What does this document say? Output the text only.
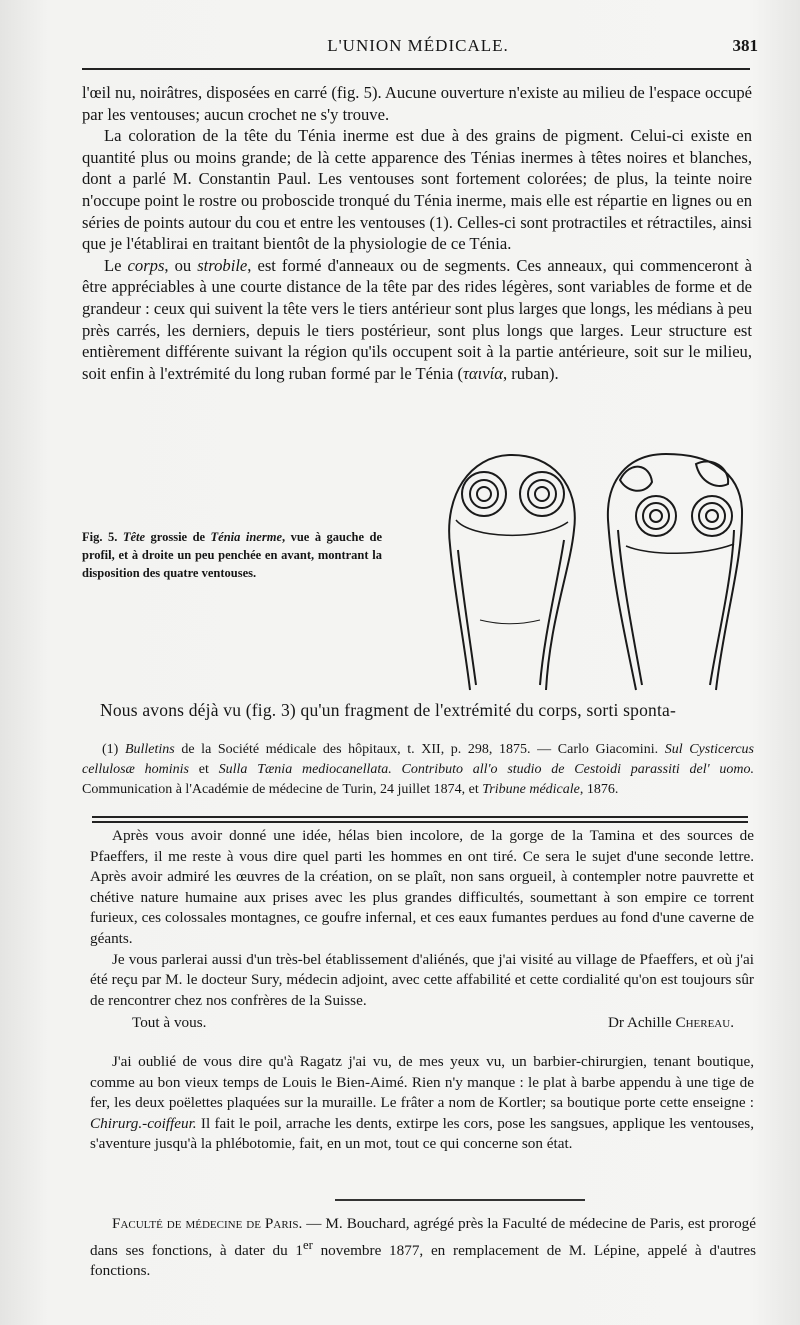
L'UNION MÉDICALE.	381

l'œil nu, noirâtres, disposées en carré (fig. 5). Aucune ouverture n'existe au milieu de l'espace occupé par les ventouses; aucun crochet ne s'y trouve.

La coloration de la tête du Ténia inerme est due à des grains de pigment. Celui-ci existe en quantité plus ou moins grande; de là cette apparence des Ténias inermes à têtes noires et blanches, dont a parlé M. Constantin Paul. Les ventouses sont fortement colorées; de plus, la teinte noire n'occupe point le rostre ou proboscide tronqué du Ténia inerme, mais elle est répartie en lignes ou en séries de points autour du cou et entre les ventouses (1). Celles-ci sont protractiles et rétractiles, ainsi que je l'établirai en traitant bientôt de la physiologie de ce Ténia.

Le corps, ou strobile, est formé d'anneaux ou de segments. Ces anneaux, qui commenceront à être appréciables à une courte distance de la tête par des rides légères, sont variables de forme et de grandeur : ceux qui suivent la tête vers le tiers antérieur sont plus larges que longs, les médians à peu près carrés, les derniers, depuis le tiers postérieur, sont plus longs que larges. Leur structure est entièrement différente suivant la région qu'ils occupent soit à la partie antérieure, soit sur le milieu, soit enfin à l'extrémité du long ruban formé par le Ténia (ταινία, ruban).

Fig. 5. Tête grossie de Ténia inerme, vue à gauche de profil, et à droite un peu penchée en avant, montrant la disposition des quatre ventouses.
Nous avons déjà vu (fig. 3) qu'un fragment de l'extrémité du corps, sorti sponta-

(1) Bulletins de la Société médicale des hôpitaux, t. XII, p. 298, 1875. — Carlo Giacomini. Sul Cysticercus cellulosæ hominis et Sulla Tænia mediocanellata. Contributo all'o studio de Cestoidi parassiti del' uomo. Communication à l'Académie de médecine de Turin, 24 juillet 1874, et Tribune médicale, 1876.

Après vous avoir donné une idée, hélas bien incolore, de la gorge de la Tamina et des sources de Pfaeffers, il me reste à vous dire quel parti les hommes en ont tiré. Ce sera le sujet d'une seconde lettre. Après avoir admiré les œuvres de la création, on se plaît, non sans orgueil, à contempler notre pauvrette et chétive nature humaine aux prises avec les plus grandes difficultés, soumettant à son empire ce torrent furieux, ces colossales montagnes, ce goufre infernal, et ces eaux fumantes perdues au fond d'une caverne de géants.

Je vous parlerai aussi d'un très-bel établissement d'aliénés, que j'ai visité au village de Pfaeffers, et où j'ai été reçu par M. le docteur Sury, médecin adjoint, avec cette affabilité et cette cordialité qu'on est toujours sûr de rencontrer chez nos confrères de la Suisse.

Tout à vous.	Dr Achille Chereau.

J'ai oublié de vous dire qu'à Ragatz j'ai vu, de mes yeux vu, un barbier-chirurgien, tenant boutique, comme au bon vieux temps de Louis le Bien-Aimé. Rien n'y manque : le plat à barbe appendu à une tige de fer, les deux poëlettes plaquées sur la muraille. Le frâter a nom de Kortler; sa boutique porte cette enseigne : Chirurg.-coiffeur. Il fait le poil, arrache les dents, extirpe les cors, pose les sangsues, applique les ventouses, s'aventure jusqu'à la phlébotomie, fait, en un mot, tout ce qui concerne son état.

Faculté de médecine de Paris. — M. Bouchard, agrégé près la Faculté de médecine de Paris, est prorogé dans ses fonctions, à dater du 1er novembre 1877, en remplacement de M. Lépine, appelé à d'autres fonctions.
